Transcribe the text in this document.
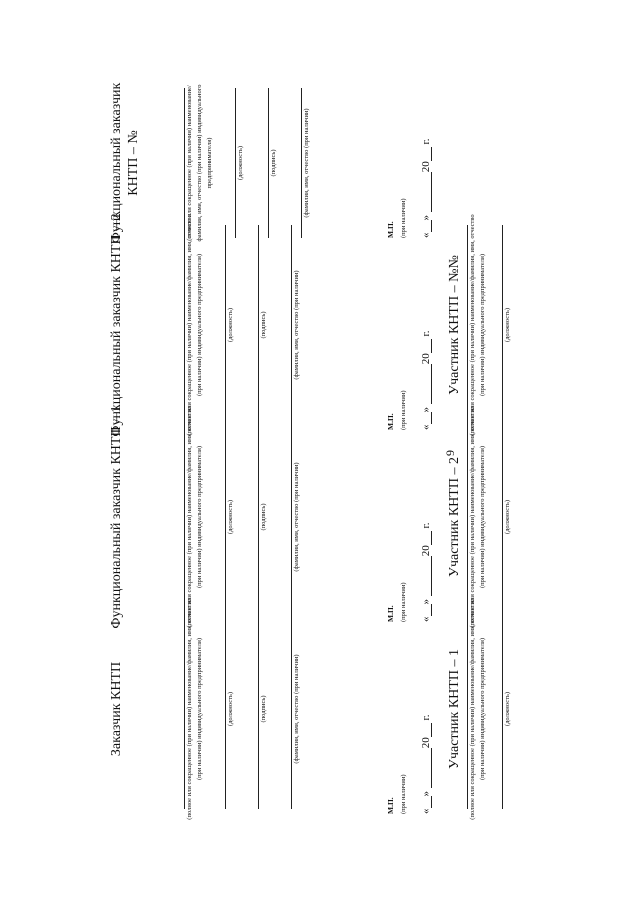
9
Заказчик КНТП	(полное или сокращенное (при наличии) наименование/фамилия, имя, отчество (при наличии) индивидуального предпринимателя)	(должность)	(подпись)	(фамилия, имя, отчество (при наличии)
Функциональный заказчик КНТП – 1	(полное или сокращенное (при наличии) наименование/фамилия, имя, отчество (при наличии) индивидуального предпринимателя)	(должность)	(подпись)	(фамилия, имя, отчество (при наличии)
Функциональный заказчик КНТП – 2	(полное или сокращенное (при наличии) наименование/фамилия, имя, отчество (при наличии) индивидуального предпринимателя)	(должность)	(подпись)	(фамилия, имя, отчество (при наличии)
Функциональный заказчик КНТП – №	(полное или сокращенное (при наличии) наименование/фамилия, имя, отчество (при наличии) индивидуального предпринимателя)	(должность)	(подпись)	(фамилия, имя, отчество (при наличии)
М.П. (при наличии) «» 20 г.
М.П. (при наличии) «» 20 г.
М.П. (при наличии) «» 20 г.
М.П. (при наличии) «» 20 г.
Участник КНТП – 1 (полное или сокращенное (при наличии) наименование/фамилия, имя, отчество (при наличии) индивидуального предпринимателя)	(должность)
Участник КНТП – 2 (полное или сокращенное (при наличии) наименование/фамилия, имя, отчество (при наличии) индивидуального предпринимателя)	(должность)
Участник КНТП – №№ (полное или сокращенное (при наличии) наименование/фамилия, имя, отчество (при наличии) индивидуального предпринимателя)	(должность)
